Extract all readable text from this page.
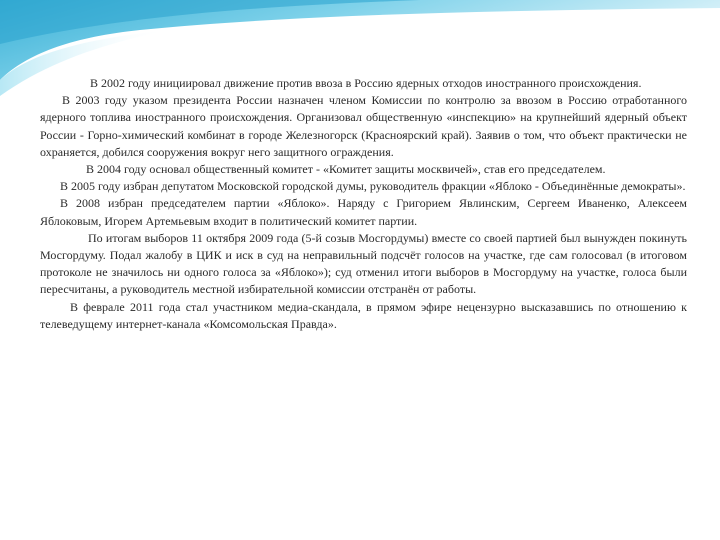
В 2002 году инициировал движение против ввоза в Россию ядерных отходов иностранного происхождения.

В 2003 году указом президента России назначен членом Комиссии по контролю за ввозом в Россию отработанного ядерного топлива иностранного происхождения. Организовал общественную «инспекцию» на крупнейший ядерный объект России - Горно-химический комбинат в городе Железногорск (Красноярский край). Заявив о том, что объект практически не охраняется, добился сооружения вокруг него защитного ограждения.

В 2004 году основал общественный комитет - «Комитет защиты москвичей», став его председателем.

В 2005 году избран депутатом Московской городской думы, руководитель фракции «Яблоко - Объединённые демократы».

В 2008 избран председателем партии «Яблоко». Наряду с Григорием Явлинским, Сергеем Иваненко, Алексеем Яблоковым, Игорем Артемьевым входит в политический комитет партии.

По итогам выборов 11 октября 2009 года (5-й созыв Мосгордумы) вместе со своей партией был вынужден покинуть Мосгордуму. Подал жалобу в ЦИК и иск в суд на неправильный подсчёт голосов на участке, где сам голосовал (в итоговом протоколе не значилось ни одного голоса за «Яблоко»); суд отменил итоги выборов в Мосгордуму на участке, голоса были пересчитаны, а руководитель местной избирательной комиссии отстранён от работы.

В феврале 2011 года стал участником медиа-скандала, в прямом эфире нецензурно высказавшись по отношению к телеведущему интернет-канала «Комсомольская Правда».
